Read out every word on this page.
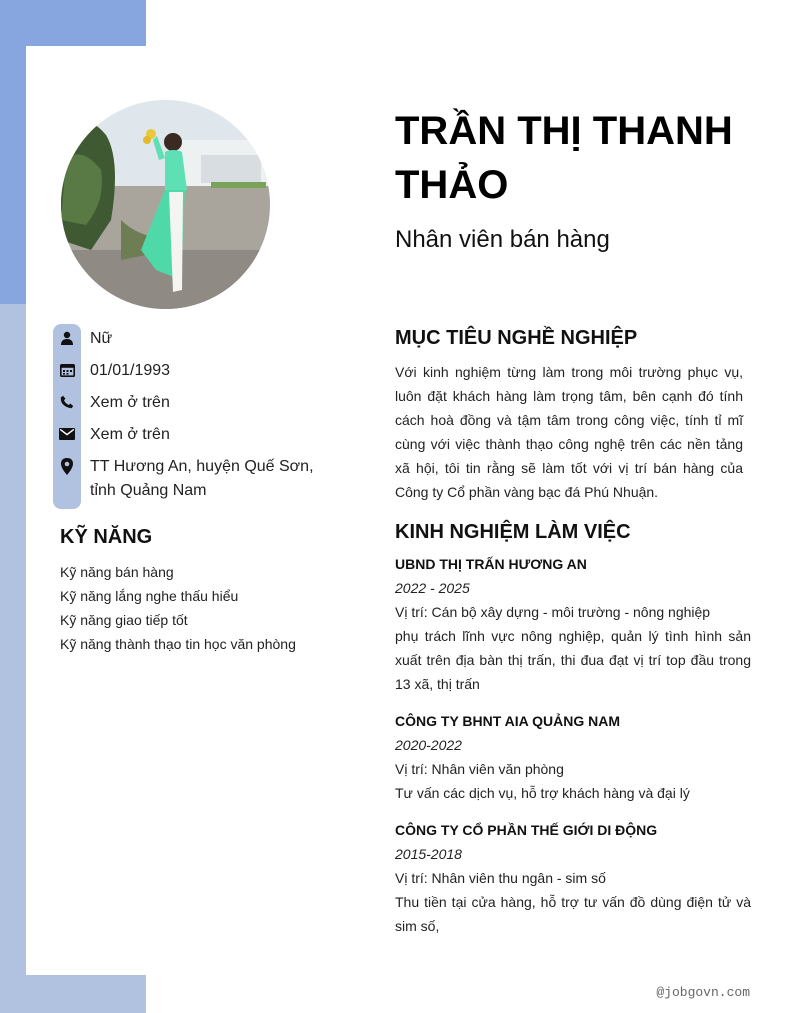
Nữ
01/01/1993
Xem ở trên
Xem ở trên
TT Hương An, huyện Quế Sơn, tỉnh Quảng Nam
KỸ NĂNG
Kỹ năng bán hàng
Kỹ năng lắng nghe thấu hiểu
Kỹ năng giao tiếp tốt
Kỹ năng thành thạo tin học văn phòng
TRẦN THỊ THANH THẢO
Nhân viên bán hàng
MỤC TIÊU NGHỀ NGHIỆP

Với kinh nghiệm từng làm trong môi trường phục vụ, luôn đặt khách hàng làm trọng tâm, bên cạnh đó tính cách hoà đồng và tậm tâm trong công việc, tính tỉ mĩ cùng với việc thành thạo công nghệ trên các nền tảng xã hội, tôi tin rằng sẽ làm tốt với vị trí bán hàng của Công ty Cổ phần vàng bạc đá Phú Nhuận.

KINH NGHIỆM LÀM VIỆC
UBND THỊ TRẤN HƯƠNG AN
2022 - 2025
Vị trí: Cán bộ xây dựng - môi trường - nông nghiệp
phụ trách lĩnh vực nông nghiệp, quản lý tình hình sản xuất trên địa bàn thị trấn, thi đua đạt vị trí top đầu trong 13 xã, thị trấn
CÔNG TY BHNT AIA QUẢNG NAM
2020-2022
Vị trí: Nhân viên văn phòng
Tư vấn các dịch vụ, hỗ trợ khách hàng và đại lý
CÔNG TY CỔ PHẦN THẾ GIỚI DI ĐỘNG
2015-2018
Vị trí: Nhân viên thu ngân - sim số
Thu tiền tại cửa hàng, hỗ trợ tư vấn đồ dùng điện tử và sim số,
@jobgovn.com
